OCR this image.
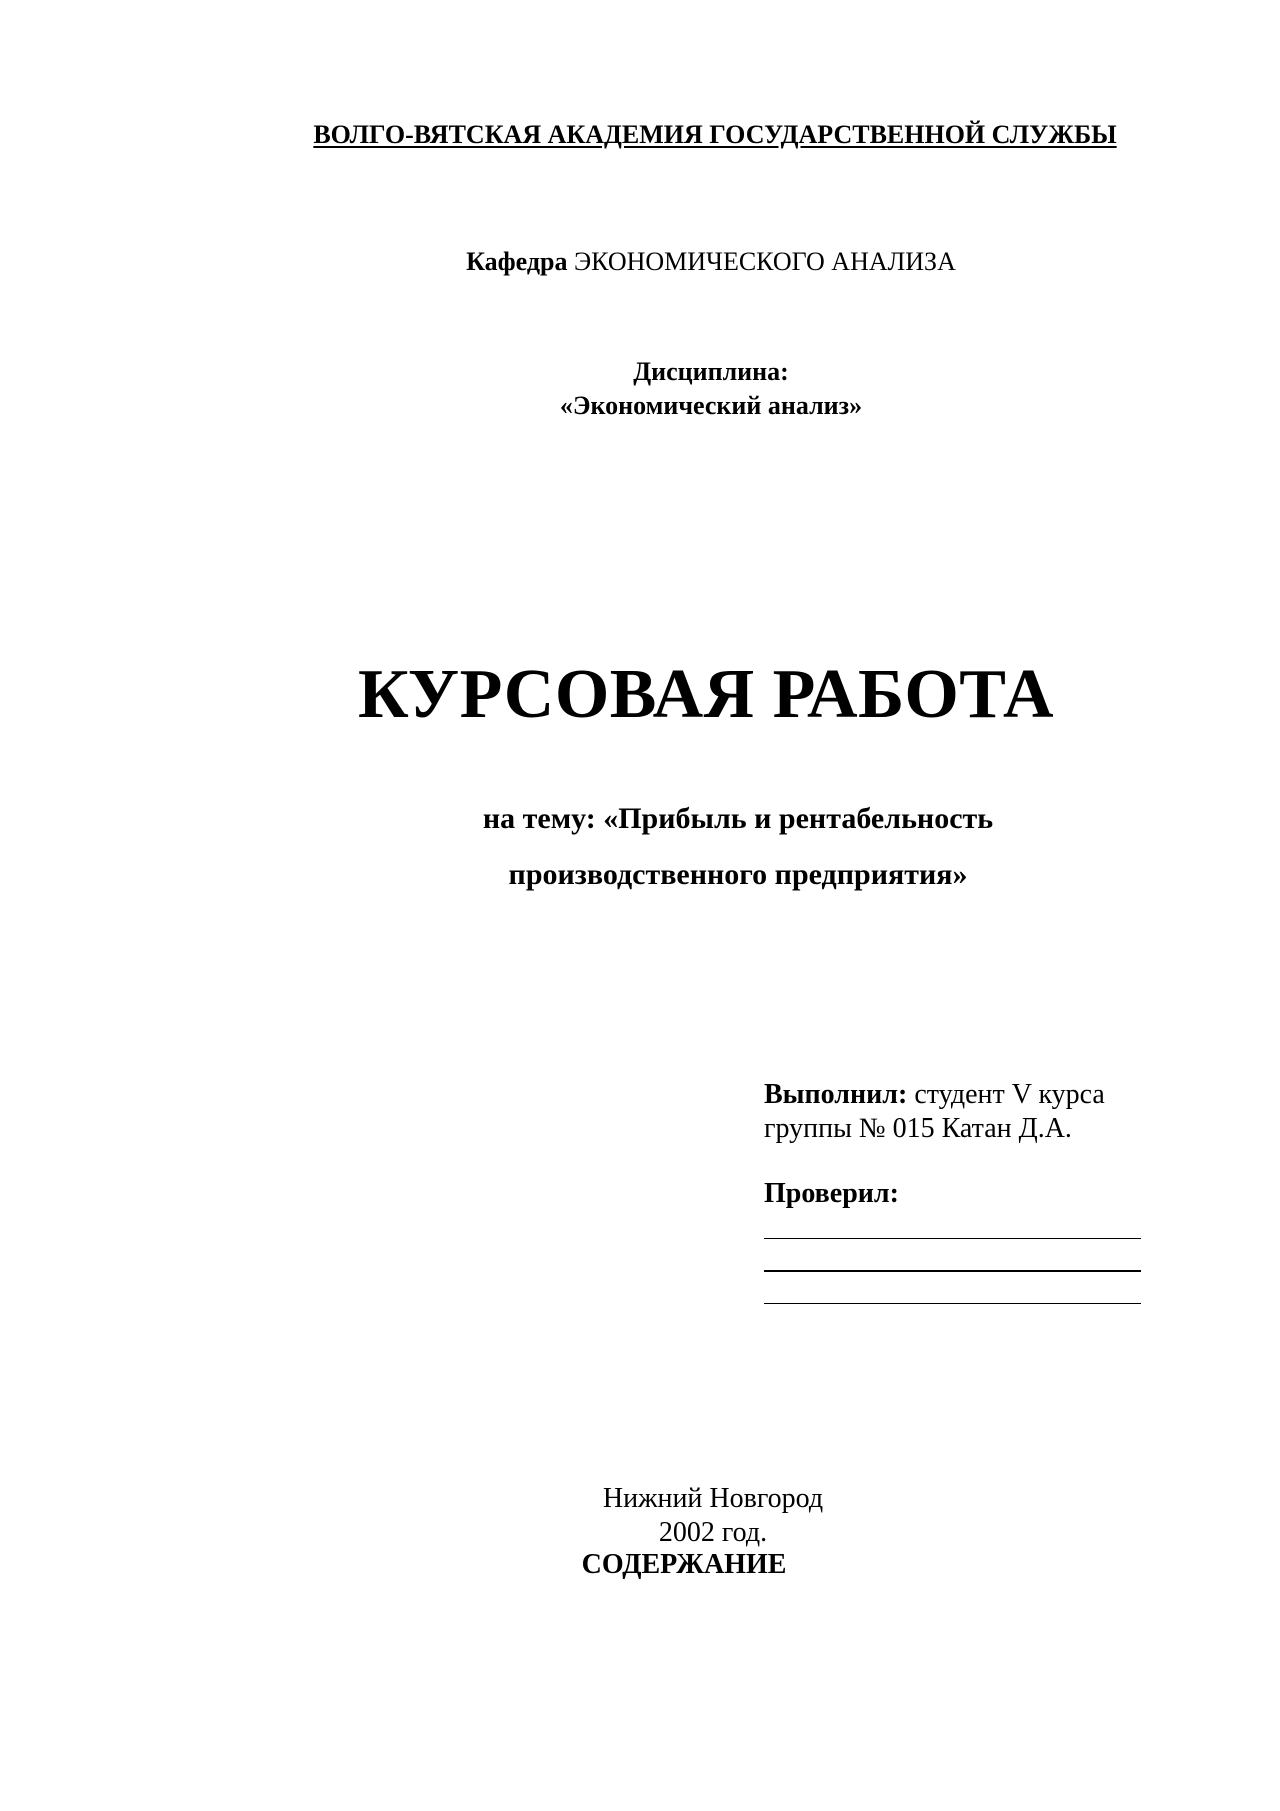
ВОЛГО-ВЯТСКАЯ АКАДЕМИЯ ГОСУДАРСТВЕННОЙ СЛУЖБЫ
Кафедра ЭКОНОМИЧЕСКОГО АНАЛИЗА
Дисциплина:
«Экономический анализ»
КУРСОВАЯ РАБОТА
на тему: «Прибыль и рентабельность
производственного предприятия»
Выполнил: студент V курса
группы № 015 Катан Д.А.
Проверил:
Нижний Новгород
2002 год.
СОДЕРЖАНИЕ
